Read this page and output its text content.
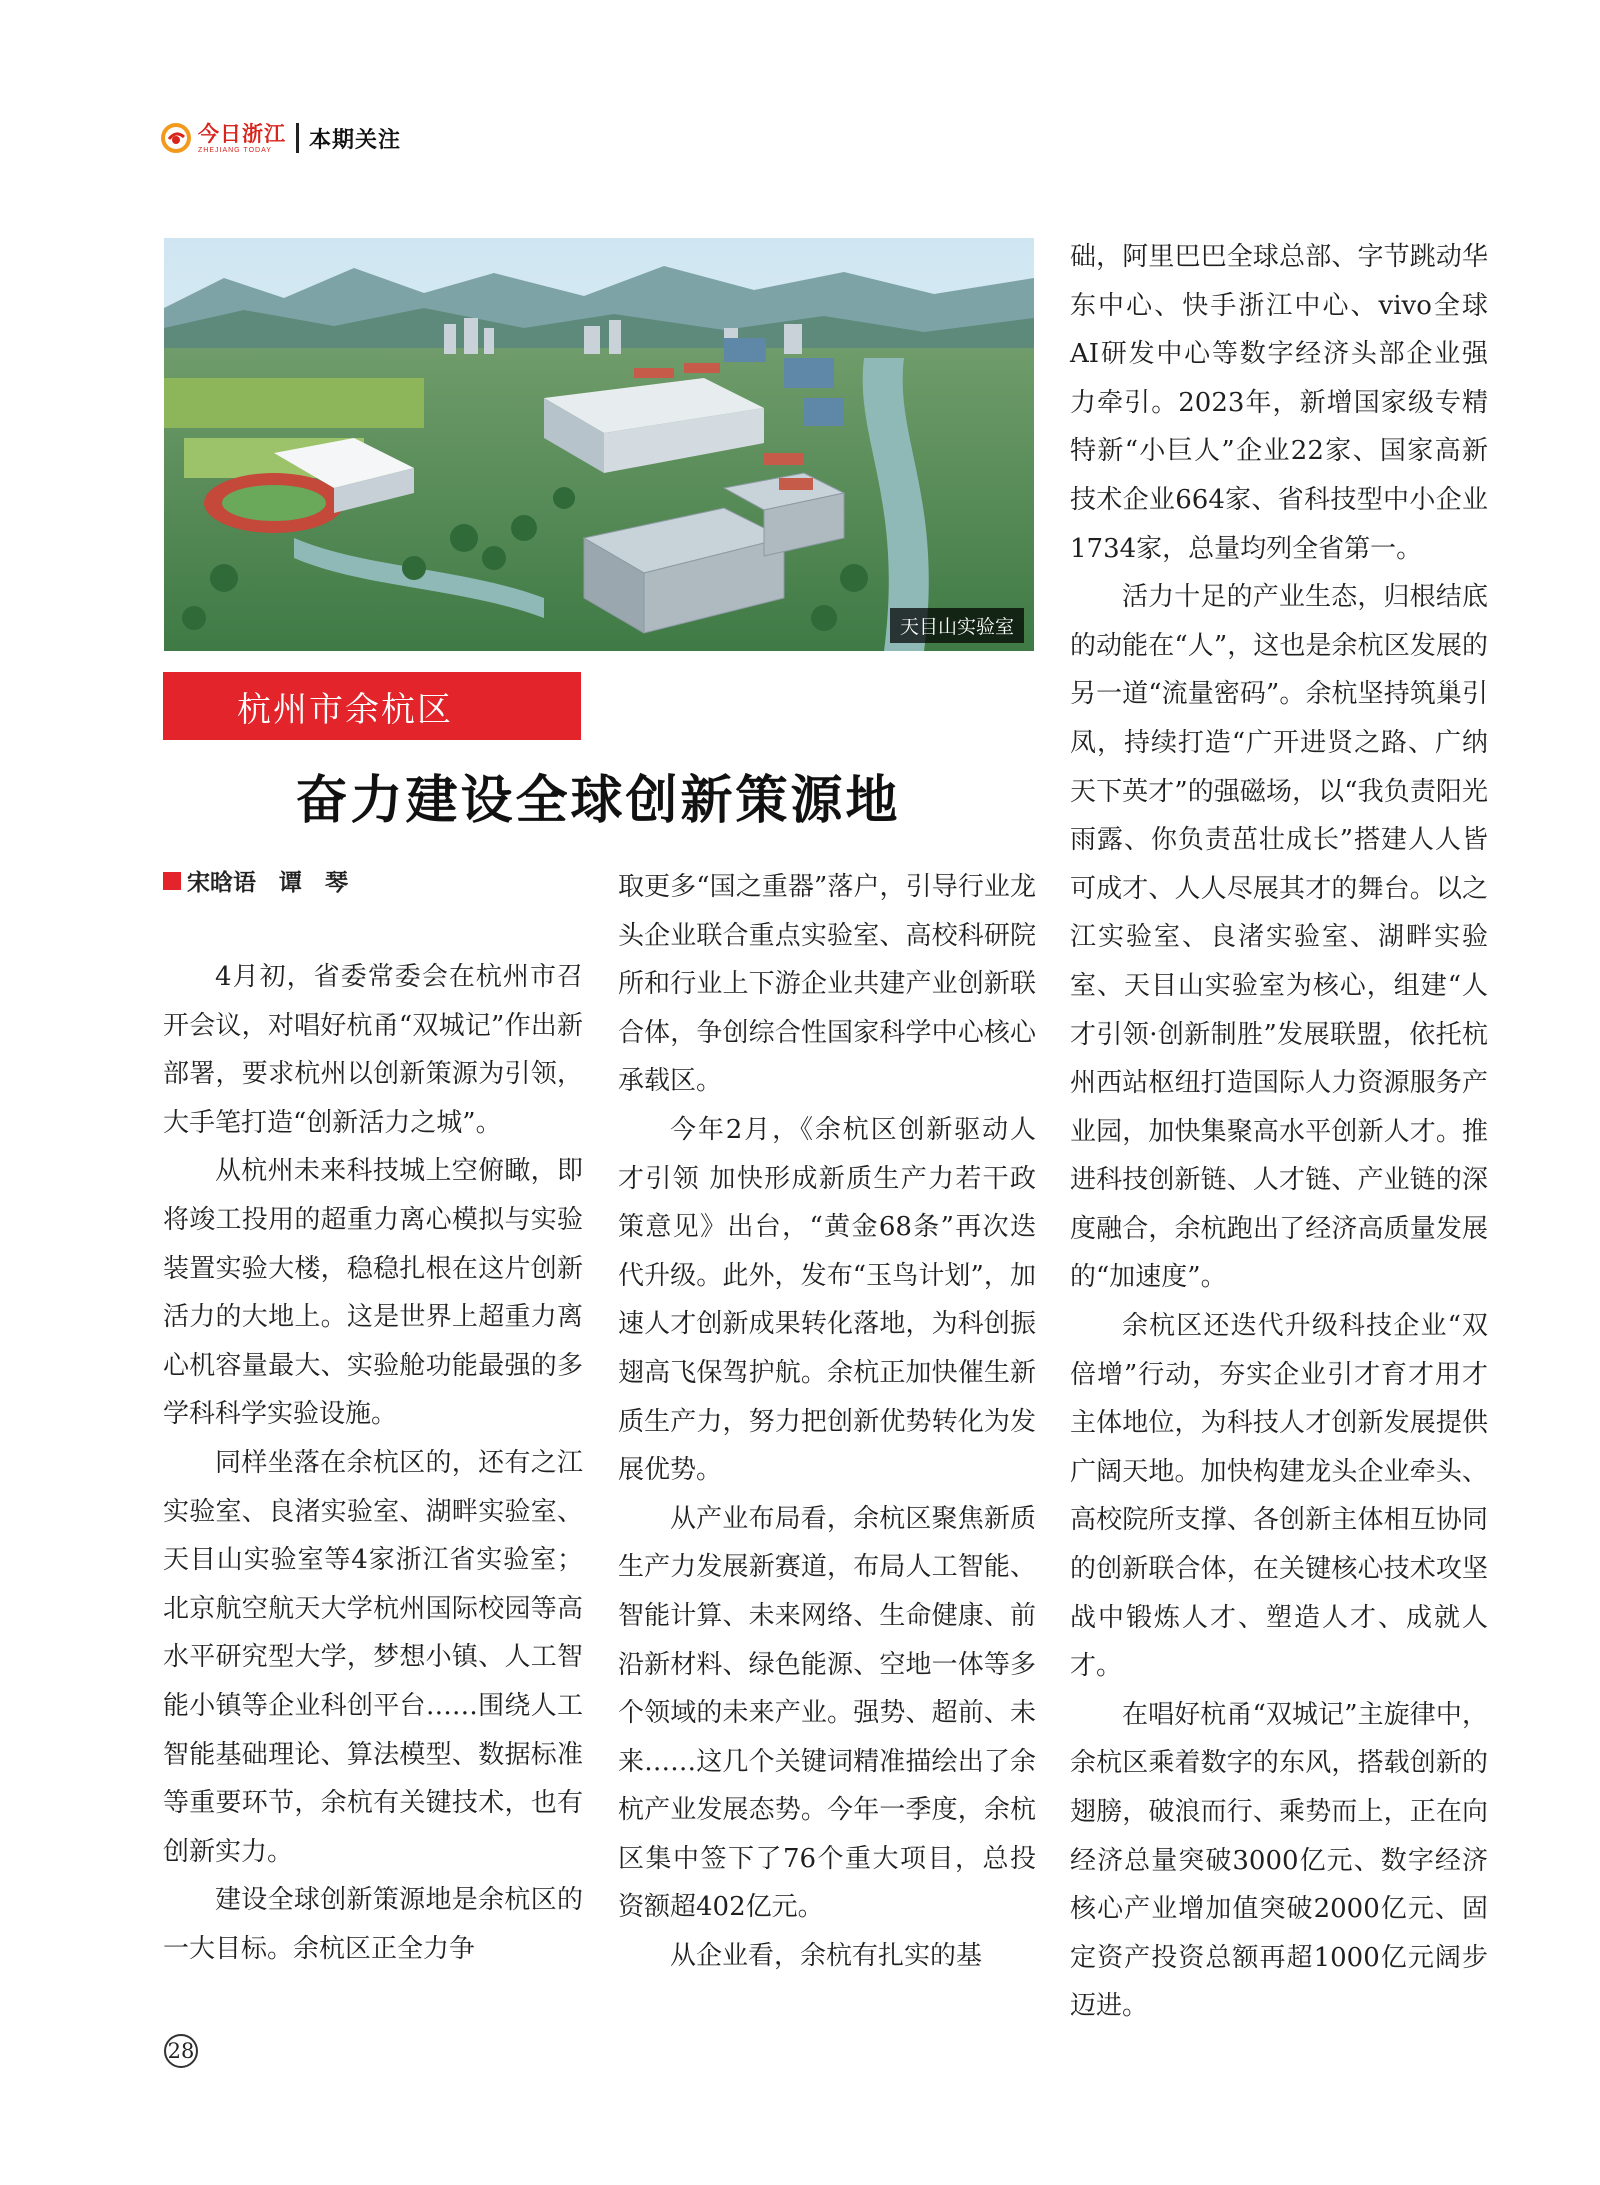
今日浙江
ZHEJIANG TODAY	本期关注
天目山实验室
杭州市余杭区
奋力建设全球创新策源地
宋晗语　谭　琴

4月初，省委常委会在杭州市召开会议，对唱好杭甬“双城记”作出新部署，要求杭州以创新策源为引领，大手笔打造“创新活力之城”。

从杭州未来科技城上空俯瞰，即将竣工投用的超重力离心模拟与实验装置实验大楼，稳稳扎根在这片创新活力的大地上。这是世界上超重力离心机容量最大、实验舱功能最强的多学科科学实验设施。

同样坐落在余杭区的，还有之江实验室、良渚实验室、湖畔实验室、天目山实验室等4家浙江省实验室；北京航空航天大学杭州国际校园等高水平研究型大学，梦想小镇、人工智能小镇等企业科创平台……围绕人工智能基础理论、算法模型、数据标准等重要环节，余杭有关键技术，也有创新实力。

建设全球创新策源地是余杭区的一大目标。余杭区正全力争

取更多“国之重器”落户，引导行业龙头企业联合重点实验室、高校科研院所和行业上下游企业共建产业创新联合体，争创综合性国家科学中心核心承载区。

今年2月，《余杭区创新驱动人才引领 加快形成新质生产力若干政策意见》出台，“黄金68条”再次迭代升级。此外，发布“玉鸟计划”，加速人才创新成果转化落地，为科创振翅高飞保驾护航。余杭正加快催生新质生产力，努力把创新优势转化为发展优势。

从产业布局看，余杭区聚焦新质生产力发展新赛道，布局人工智能、智能计算、未来网络、生命健康、前沿新材料、绿色能源、空地一体等多个领域的未来产业。强势、超前、未来……这几个关键词精准描绘出了余杭产业发展态势。今年一季度，余杭区集中签下了76个重大项目，总投资额超402亿元。

从企业看，余杭有扎实的基

础，阿里巴巴全球总部、字节跳动华东中心、快手浙江中心、vivo全球AI研发中心等数字经济头部企业强力牵引。2023年，新增国家级专精特新“小巨人”企业22家、国家高新技术企业664家、省科技型中小企业1734家，总量均列全省第一。

活力十足的产业生态，归根结底的动能在“人”，这也是余杭区发展的另一道“流量密码”。余杭坚持筑巢引凤，持续打造“广开进贤之路、广纳天下英才”的强磁场，以“我负责阳光雨露、你负责茁壮成长”搭建人人皆可成才、人人尽展其才的舞台。以之江实验室、良渚实验室、湖畔实验室、天目山实验室为核心，组建“人才引领·创新制胜”发展联盟，依托杭州西站枢纽打造国际人力资源服务产业园，加快集聚高水平创新人才。推进科技创新链、人才链、产业链的深度融合，余杭跑出了经济高质量发展的“加速度”。

余杭区还迭代升级科技企业“双倍增”行动，夯实企业引才育才用才主体地位，为科技人才创新发展提供广阔天地。加快构建龙头企业牵头、高校院所支撑、各创新主体相互协同的创新联合体，在关键核心技术攻坚战中锻炼人才、塑造人才、成就人才。

在唱好杭甬“双城记”主旋律中，余杭区乘着数字的东风，搭载创新的翅膀，破浪而行、乘势而上，正在向经济总量突破3000亿元、数字经济核心产业增加值突破2000亿元、固定资产投资总额再超1000亿元阔步迈进。

28
